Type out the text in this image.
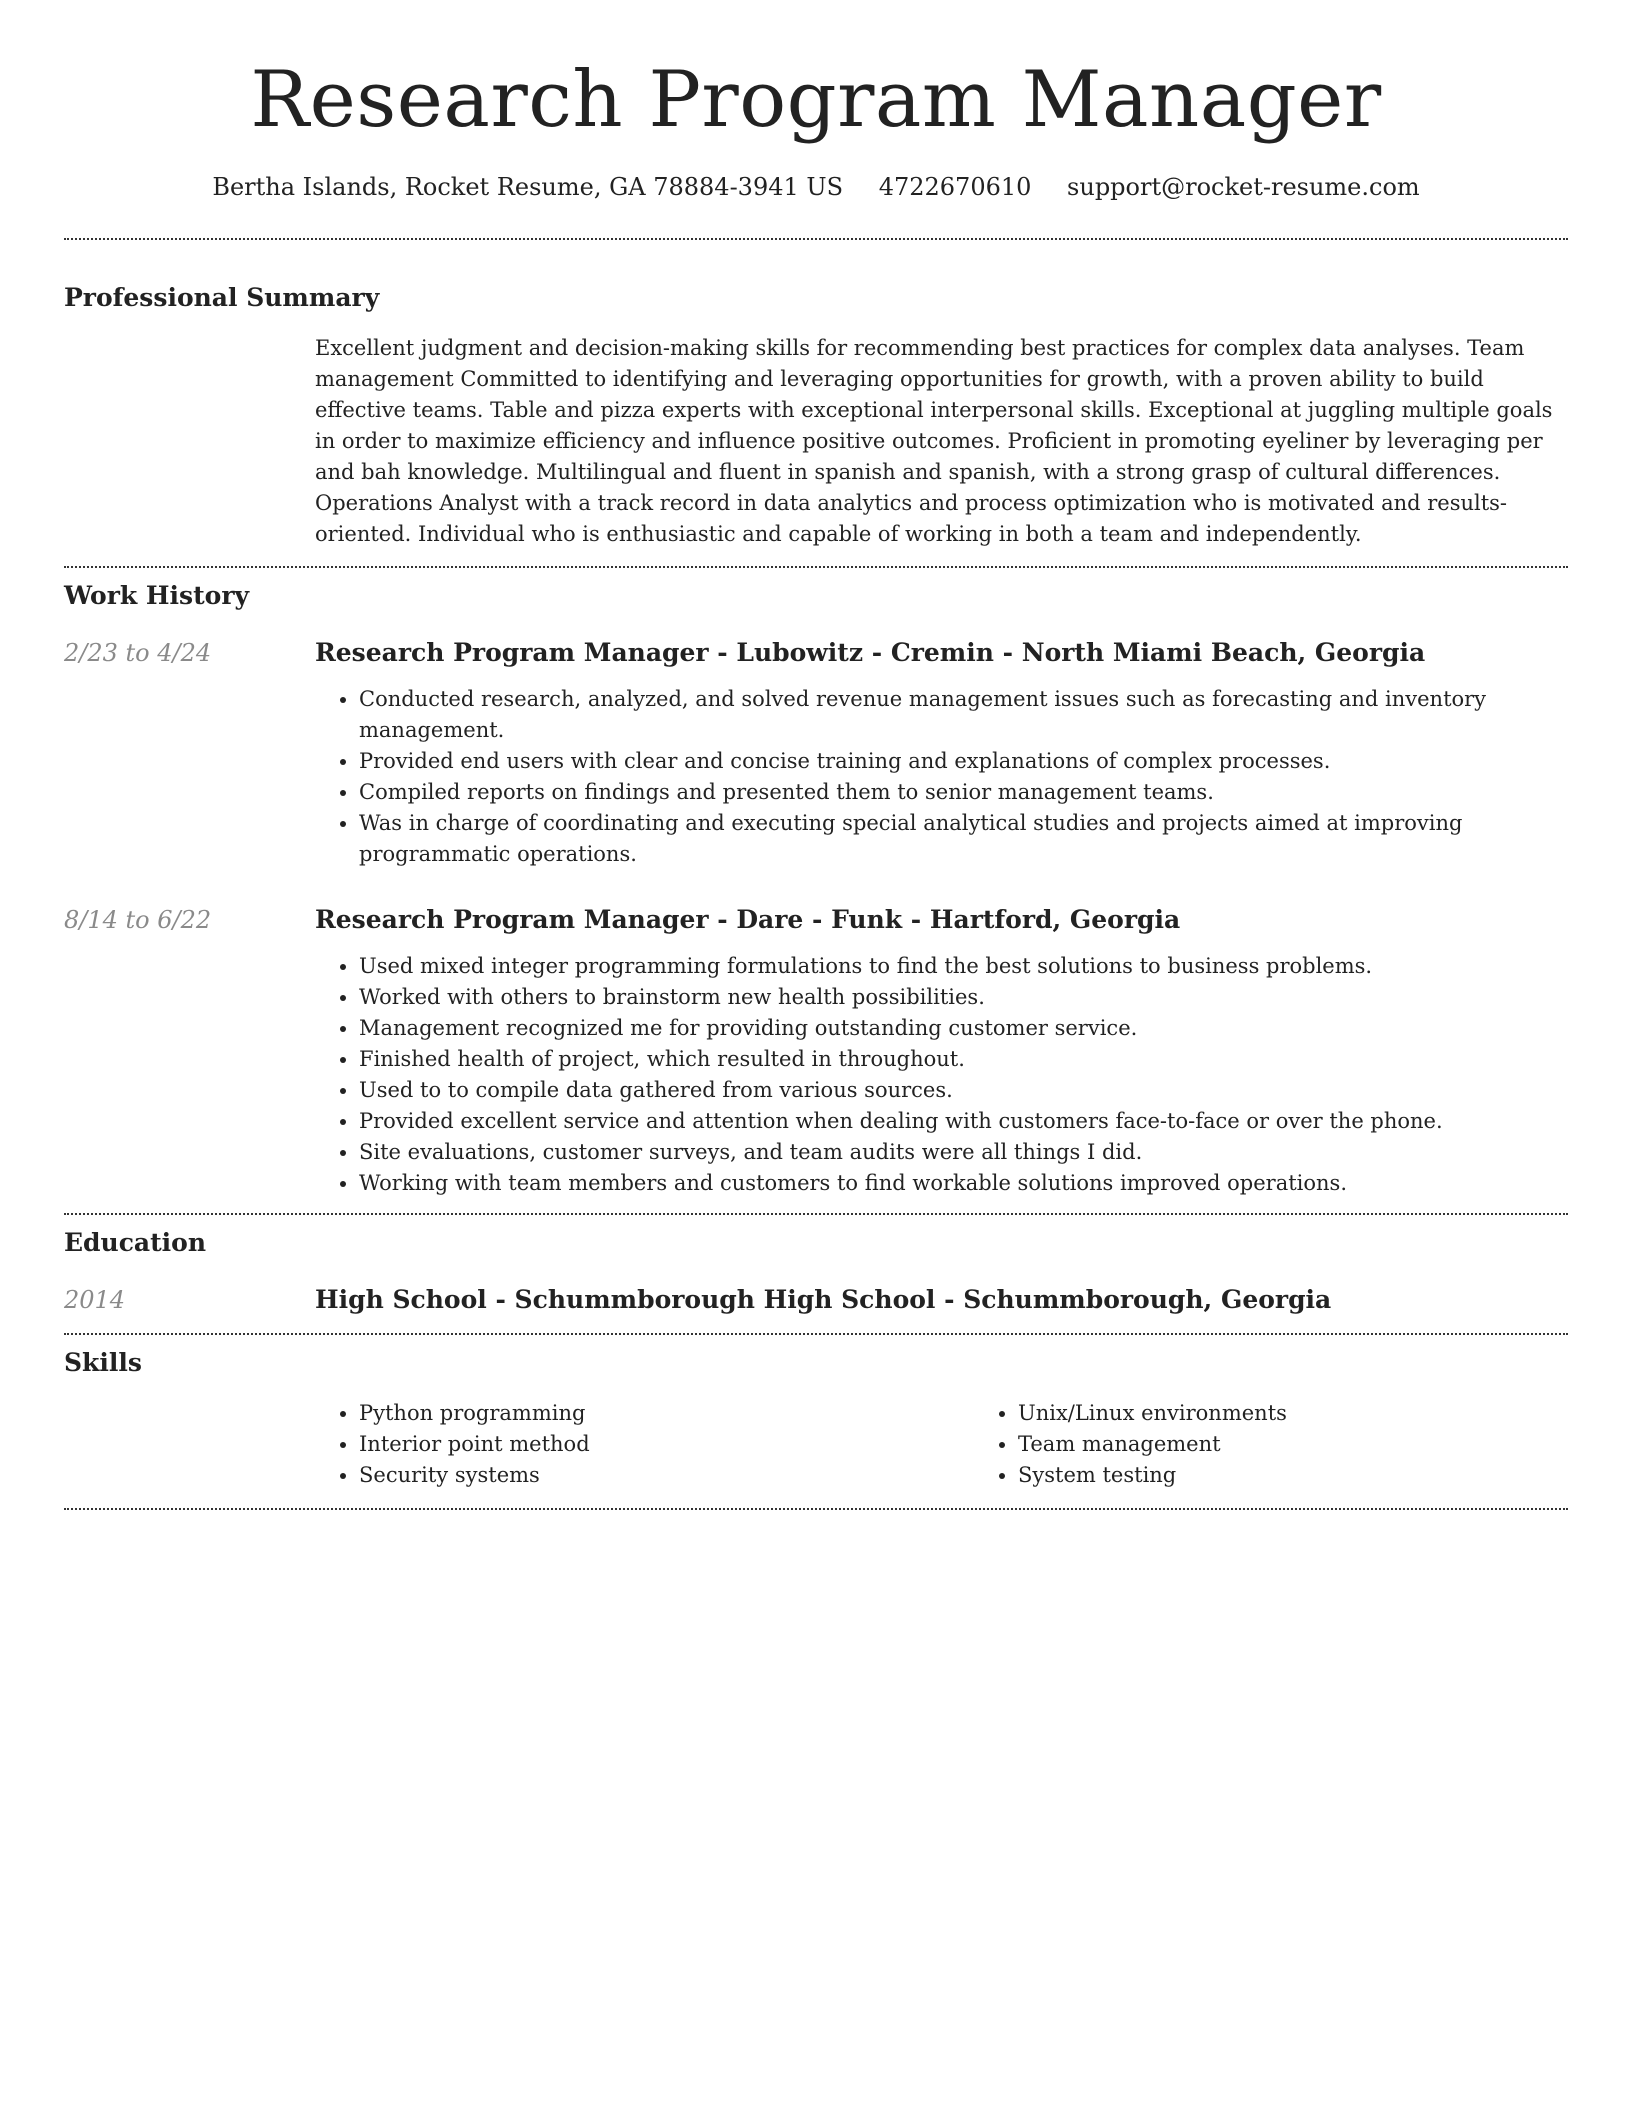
Research Program Manager
Bertha Islands, Rocket Resume, GA 78884-3941 US 4722670610 support@rocket-resume.com
Professional Summary

Excellent judgment and decision-making skills for recommending best practices for complex data analyses. Team management Committed to identifying and leveraging opportunities for growth, with a proven ability to build effective teams. Table and pizza experts with exceptional interpersonal skills. Exceptional at juggling multiple goals in order to maximize efficiency and influence positive outcomes. Proficient in promoting eyeliner by leveraging per and bah knowledge. Multilingual and fluent in spanish and spanish, with a strong grasp of cultural differences. Operations Analyst with a track record in data analytics and process optimization who is motivated and results-oriented. Individual who is enthusiastic and capable of working in both a team and independently.

Work History
2/23 to 4/24	Research Program Manager - Lubowitz - Cremin - North Miami Beach, Georgia
• Conducted research, analyzed, and solved revenue management issues such as forecasting and inventory management.
• Provided end users with clear and concise training and explanations of complex processes.
• Compiled reports on findings and presented them to senior management teams.
• Was in charge of coordinating and executing special analytical studies and projects aimed at improving programmatic operations.
8/14 to 6/22	Research Program Manager - Dare - Funk - Hartford, Georgia
• Used mixed integer programming formulations to find the best solutions to business problems.
• Worked with others to brainstorm new health possibilities.
• Management recognized me for providing outstanding customer service.
• Finished health of project, which resulted in throughout.
• Used to to compile data gathered from various sources.
• Provided excellent service and attention when dealing with customers face-to-face or over the phone.
• Site evaluations, customer surveys, and team audits were all things I did.
• Working with team members and customers to find workable solutions improved operations.
Education
2014	High School - Schummborough High School - Schummborough, Georgia
Skills
• Python programming
• Interior point method
• Security systems
• Unix/Linux environments
• Team management
• System testing
